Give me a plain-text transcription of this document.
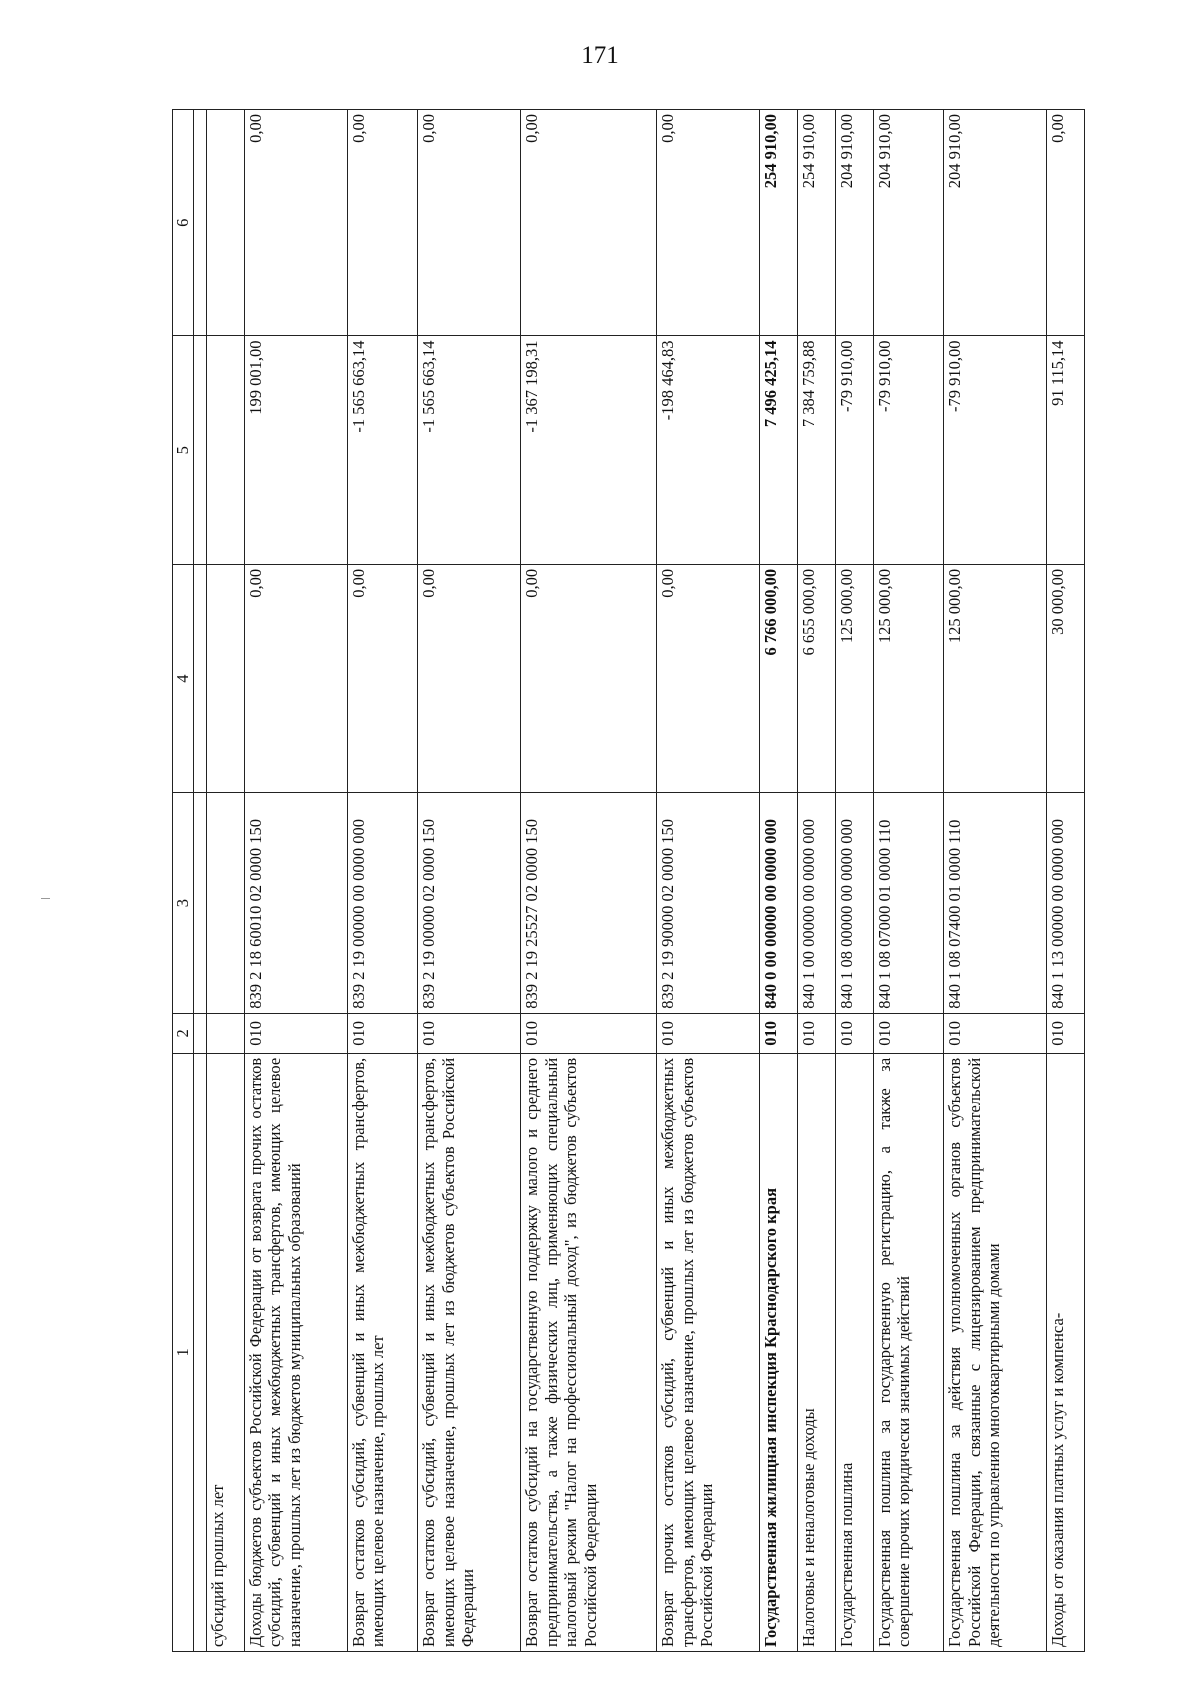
171
1	2	3	4	5	6

субсидий прошлых лет					
Доходы бюджетов субъектов Российской Федерации от возврата прочих остатков субсидий, субвенций и иных межбюджетных трансфертов, имеющих целевое назначение, прошлых лет из бюджетов муниципальных образований	010	839 2 18 60010 02 0000 150	0,00	199 001,00	0,00
Возврат остатков субсидий, субвенций и иных межбюджетных трансфертов, имеющих целевое назначение, прошлых лет	010	839 2 19 00000 00 0000 000	0,00	-1 565 663,14	0,00
Возврат остатков субсидий, субвенций и иных межбюджетных трансфертов, имеющих целевое назначение, прошлых лет из бюджетов субъектов Российской Федерации	010	839 2 19 00000 02 0000 150	0,00	-1 565 663,14	0,00
Возврат остатков субсидий на государственную поддержку малого и среднего предпринимательства, а также физических лиц, применяющих специальный налоговый режим "Налог на профессиональный доход", из бюджетов субъектов Российской Федерации	010	839 2 19 25527 02 0000 150	0,00	-1 367 198,31	0,00
Возврат прочих остатков субсидий, субвенций и иных межбюджетных трансфертов, имеющих целевое назначение, прошлых лет из бюджетов субъектов Российской Федерации	010	839 2 19 90000 02 0000 150	0,00	-198 464,83	0,00
Государственная жилищная инспекция Краснодарского края	010	840 0 00 00000 00 0000 000	6 766 000,00	7 496 425,14	254 910,00
Налоговые и неналоговые доходы	010	840 1 00 00000 00 0000 000	6 655 000,00	7 384 759,88	254 910,00
Государственная пошлина	010	840 1 08 00000 00 0000 000	125 000,00	-79 910,00	204 910,00
Государственная пошлина за государственную регистрацию, а также за совершение прочих юридически значимых действий	010	840 1 08 07000 01 0000 110	125 000,00	-79 910,00	204 910,00
Государственная пошлина за действия уполномоченных органов субъектов Российской Федерации, связанные с лицензированием предпринимательской деятельности по управлению многоквартирными домами	010	840 1 08 07400 01 0000 110	125 000,00	-79 910,00	204 910,00
Доходы от оказания платных услуг и компенса-	010	840 1 13 00000 00 0000 000	30 000,00	91 115,14	0,00
